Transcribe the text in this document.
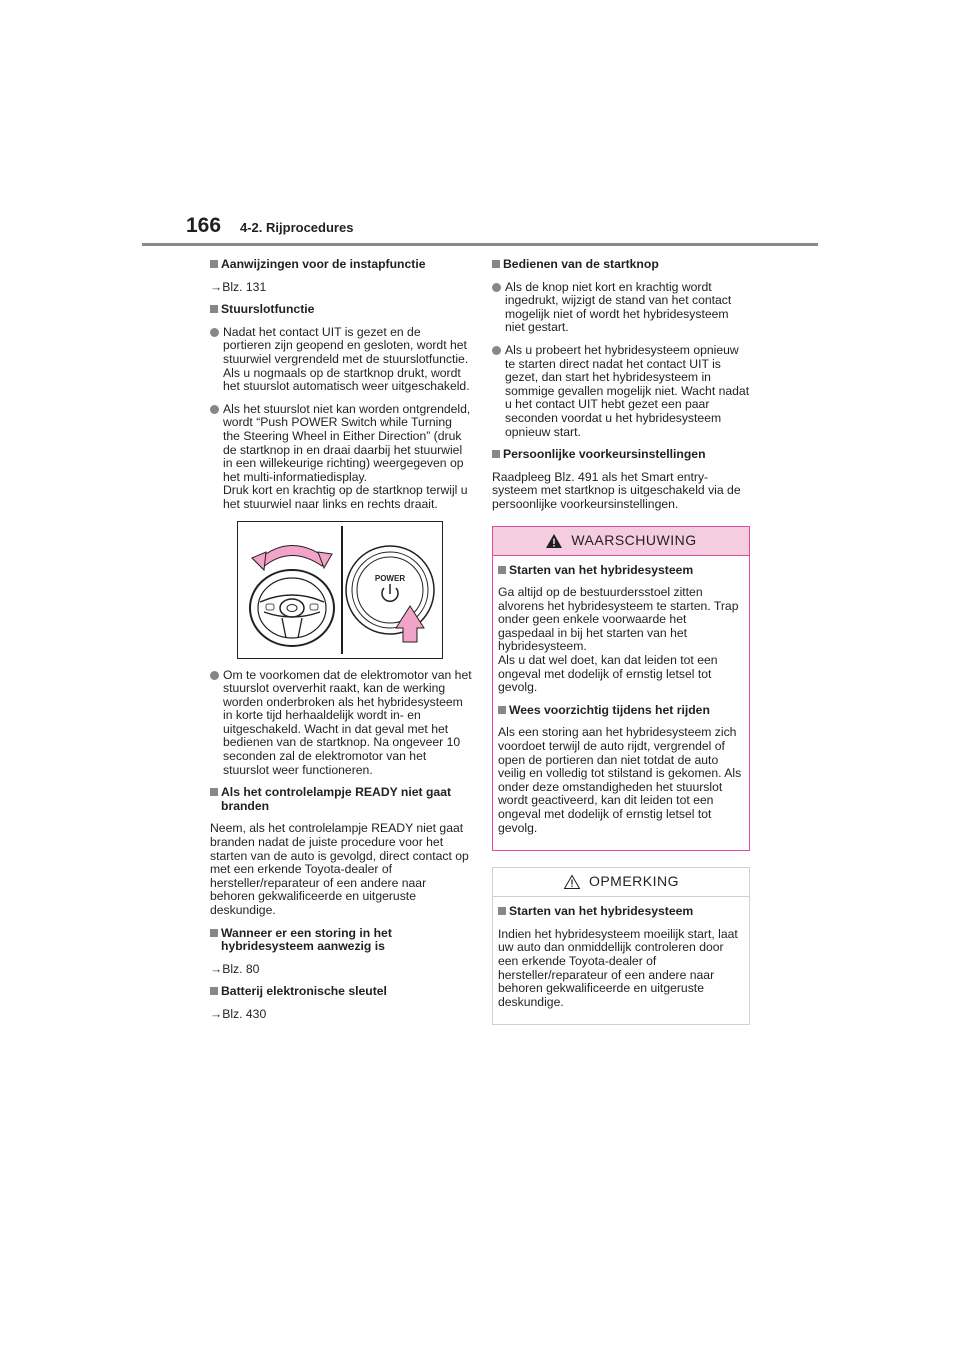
166 4-2. Rijprocedures
Aanwijzingen voor de instapfunctie
→Blz. 131
Stuurslotfunctie
Nadat het contact UIT is gezet en de portieren zijn geopend en gesloten, wordt het stuurwiel vergrendeld met de stuurslotfunctie. Als u nogmaals op de startknop drukt, wordt het stuurslot automatisch weer uitgeschakeld.
Als het stuurslot niet kan worden ontgrendeld, wordt “Push POWER Switch while Turning the Steering Wheel in Either Direction” (druk de startknop in en draai daarbij het stuurwiel in een willekeurige richting) weergegeven op het multi-informatiedisplay.
Druk kort en krachtig op de startknop terwijl u het stuurwiel naar links en rechts draait.
POWER
Om te voorkomen dat de elektromotor van het stuurslot oververhit raakt, kan de werking worden onderbroken als het hybridesysteem in korte tijd herhaaldelijk wordt in- en uitgeschakeld. Wacht in dat geval met het bedienen van de startknop. Na ongeveer 10 seconden zal de elektromotor van het stuurslot weer functioneren.
Als het controlelampje READY niet gaat branden
Neem, als het controlelampje READY niet gaat branden nadat de juiste procedure voor het starten van de auto is gevolgd, direct contact op met een erkende Toyota-dealer of hersteller/reparateur of een andere naar behoren gekwalificeerde en uitgeruste deskundige.
Wanneer er een storing in het hybridesysteem aanwezig is
→Blz. 80
Batterij elektronische sleutel
→Blz. 430
Bedienen van de startknop
Als de knop niet kort en krachtig wordt ingedrukt, wijzigt de stand van het contact mogelijk niet of wordt het hybridesysteem niet gestart.
Als u probeert het hybridesysteem opnieuw te starten direct nadat het contact UIT is gezet, dan start het hybridesysteem in sommige gevallen mogelijk niet. Wacht nadat u het contact UIT hebt gezet een paar seconden voordat u het hybridesysteem opnieuw start.
Persoonlijke voorkeursinstellingen
Raadpleeg Blz. 491 als het Smart entry-systeem met startknop is uitgeschakeld via de persoonlijke voorkeursinstellingen.
WAARSCHUWING
Starten van het hybridesysteem
Ga altijd op de bestuurdersstoel zitten alvorens het hybridesysteem te starten. Trap onder geen enkele voorwaarde het gaspedaal in bij het starten van het hybridesysteem.
Als u dat wel doet, kan dat leiden tot een ongeval met dodelijk of ernstig letsel tot gevolg.
Wees voorzichtig tijdens het rijden
Als een storing aan het hybridesysteem zich voordoet terwijl de auto rijdt, vergrendel of open de portieren dan niet totdat de auto veilig en volledig tot stilstand is gekomen. Als onder deze omstandigheden het stuurslot wordt geactiveerd, kan dit leiden tot een ongeval met dodelijk of ernstig letsel tot gevolg.
OPMERKING
Starten van het hybridesysteem
Indien het hybridesysteem moeilijk start, laat uw auto dan onmiddellijk controleren door een erkende Toyota-dealer of hersteller/reparateur of een andere naar behoren gekwalificeerde en uitgeruste deskundige.
